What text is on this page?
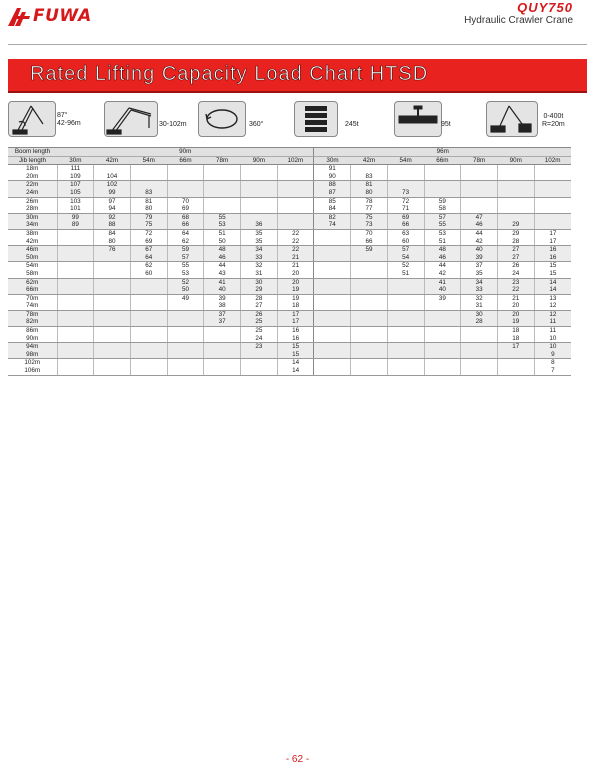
FUWA	QUY750
Hydraulic Crawler Crane
Rated Lifting Capacity Load Chart HTSD
87°
42-96m	30-102m	360°	245t	95t
0-400t
R=20m
Boom length	90m							96m						
Jib length	30m	42m	54m	66m	78m	90m	102m	30m	42m	54m	66m	78m	90m	102m
18m	111							91						
20m	109	104						90	83					
22m	107	102						88	81					
24m	105	99	83					87	80	73				
26m	103	97	81	70				85	78	72	59			
28m	101	94	80	69				84	77	71	58			
30m	99	92	79	68	55			82	75	69	57	47		
34m	89	88	75	66	53	36		74	73	66	55	46	29	
38m		84	72	64	51	35	22		70	63	53	44	29	17
42m		80	69	62	50	35	22		66	60	51	42	28	17
46m		76	67	59	48	34	22		59	57	48	40	27	16
50m			64	57	46	33	21			54	46	39	27	16
54m			62	55	44	32	21			52	44	37	26	15
58m			60	53	43	31	20			51	42	35	24	15
62m				52	41	30	20				41	34	23	14
66m				50	40	29	19				40	33	22	14
70m				49	39	28	19				39	32	21	13
74m					38	27	18					31	20	12
78m					37	26	17					30	20	12
82m					37	25	17					28	19	11
86m						25	16						18	11
90m						24	16						18	10
94m						23	15						17	10
98m							15							9
102m							14							8
106m							14							7
- 62 -
